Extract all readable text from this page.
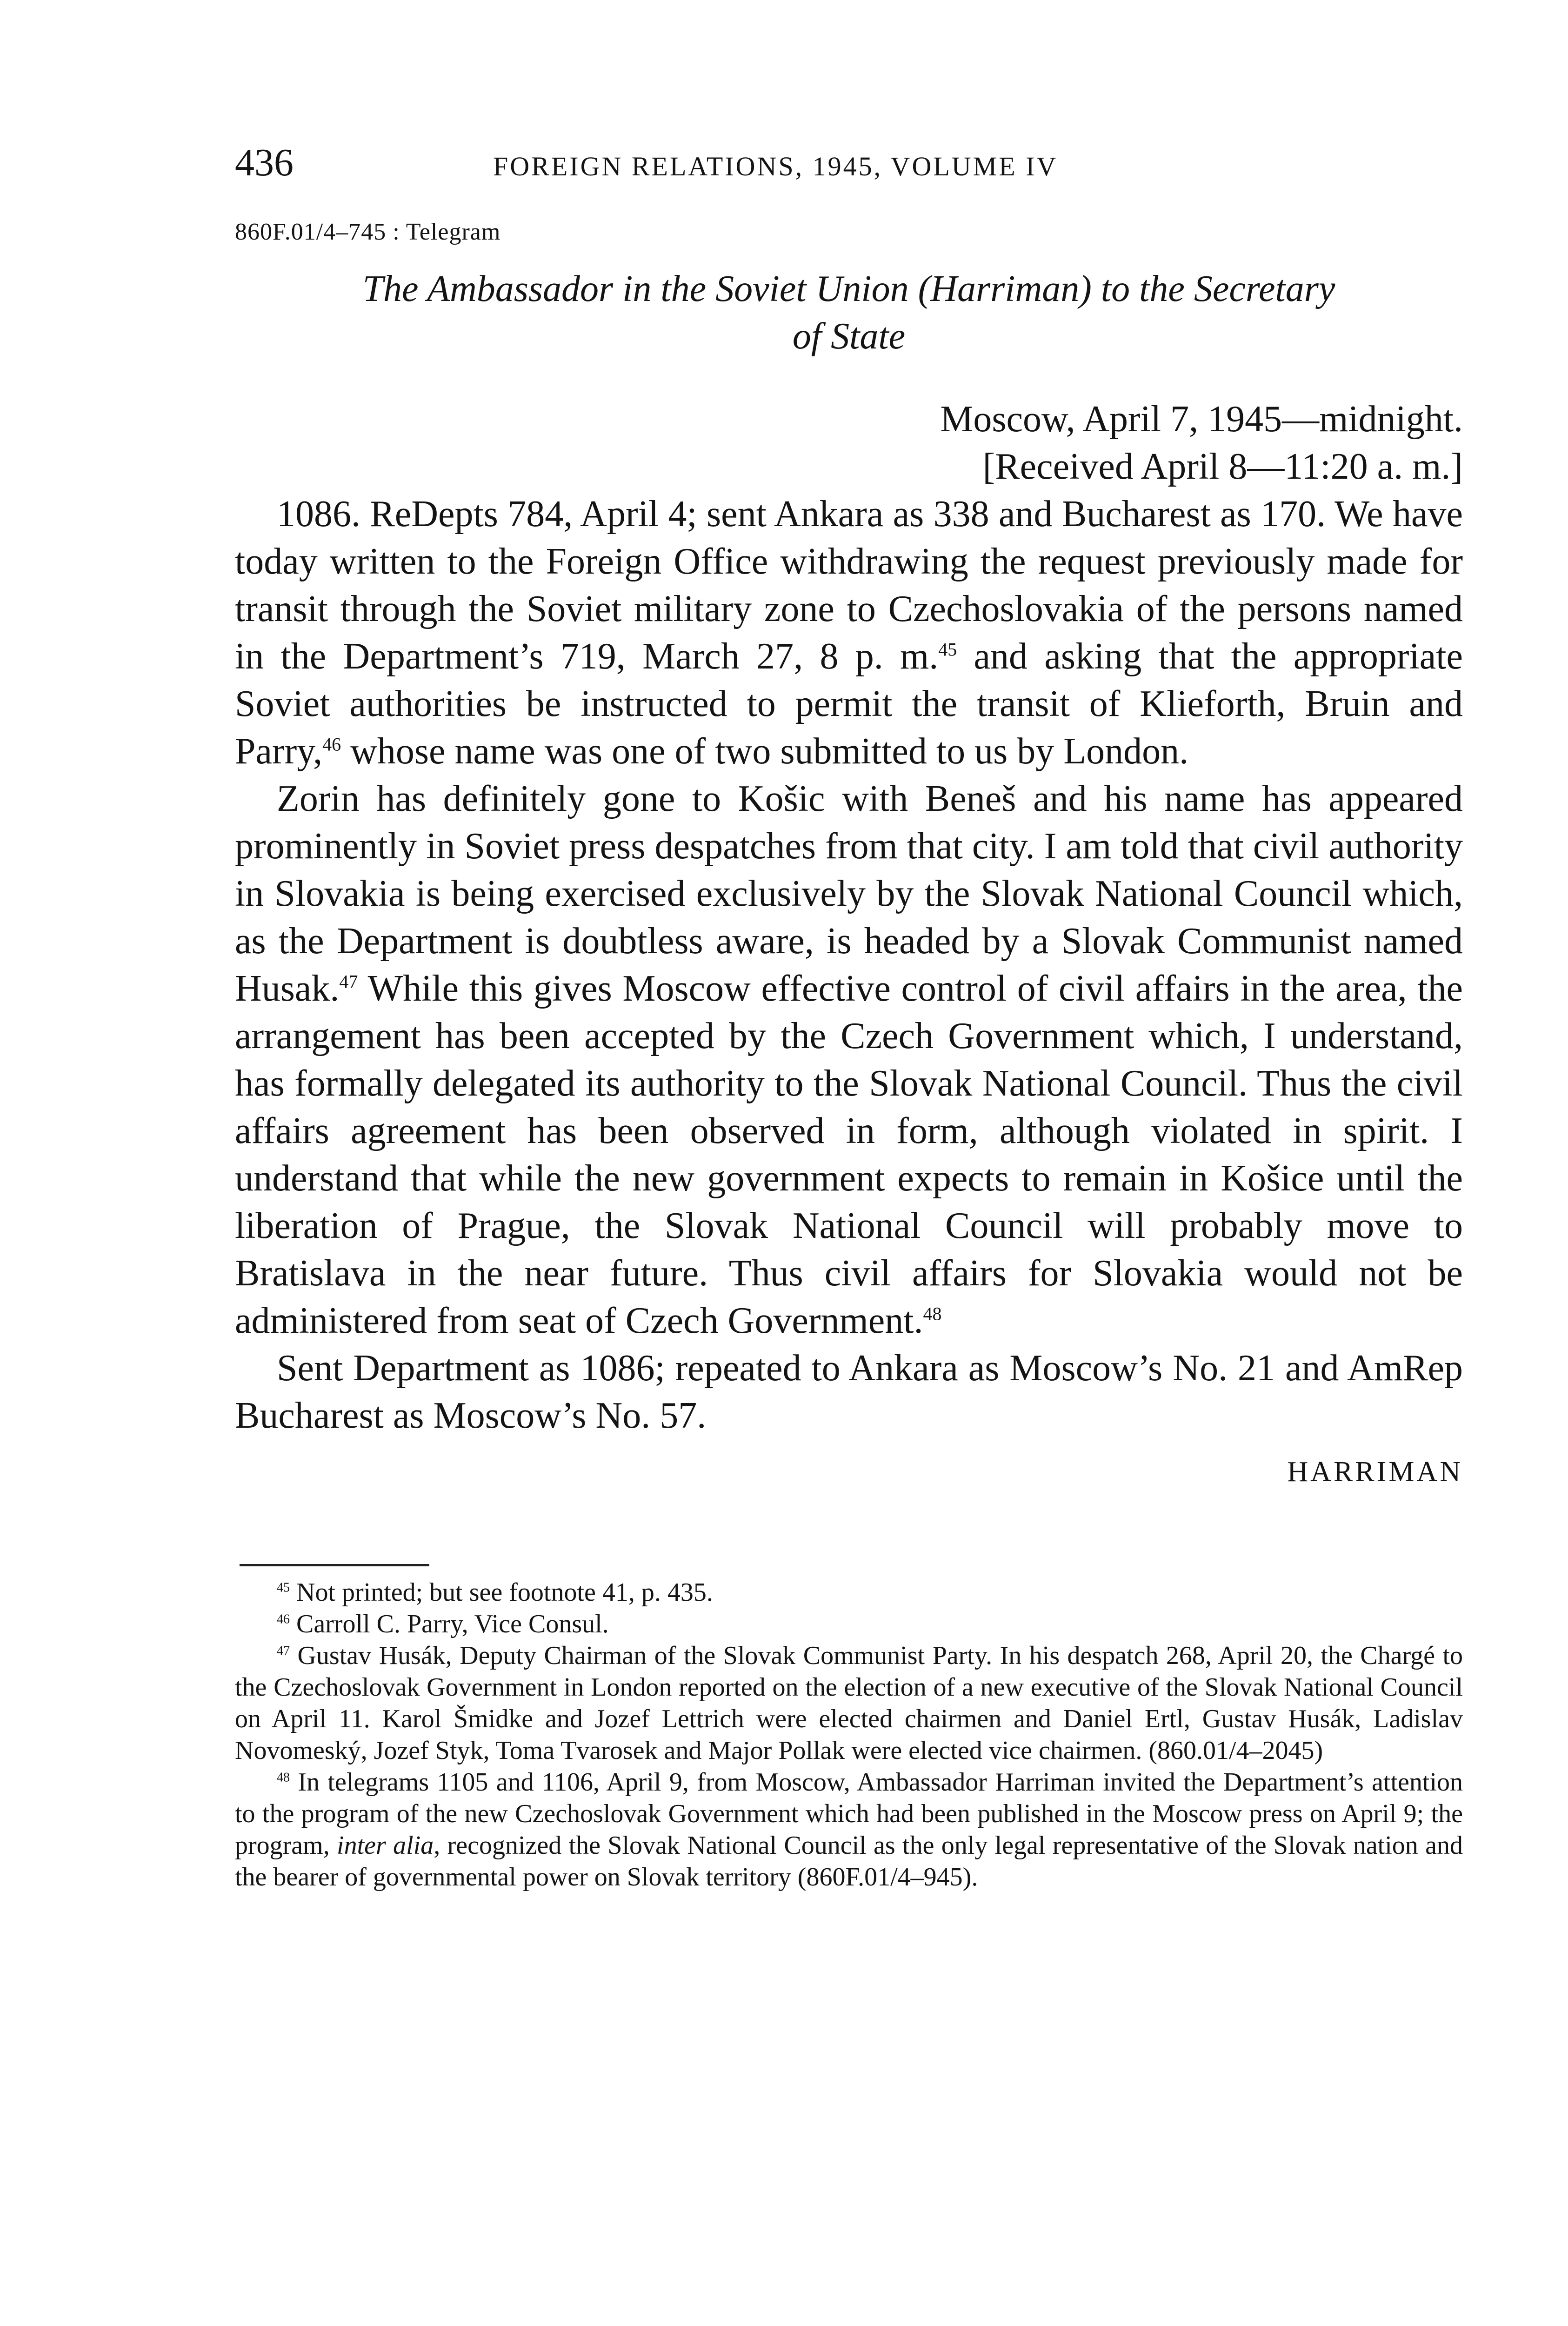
436	FOREIGN RELATIONS, 1945, VOLUME IV
860F.01/4–745 : Telegram
The Ambassador in the Soviet Union (Harriman) to the Secretary
of State
Moscow, April 7, 1945—midnight.
[Received April 8—11:20 a. m.]

1086. ReDepts 784, April 4; sent Ankara as 338 and Bucharest as 170. We have today written to the Foreign Office withdrawing the request previously made for transit through the Soviet military zone to Czechoslovakia of the persons named in the Department’s 719, March 27, 8 p. m.$^{45}$ and asking that the appropriate Soviet authorities be instructed to permit the transit of Klieforth, Bruin and Parry,$^{46}$ whose name was one of two submitted to us by London.

Zorin has definitely gone to Košic with Beneš and his name has appeared prominently in Soviet press despatches from that city. I am told that civil authority in Slovakia is being exercised exclusively by the Slovak National Council which, as the Department is doubtless aware, is headed by a Slovak Communist named Husak.$^{47}$ While this gives Moscow effective control of civil affairs in the area, the arrangement has been accepted by the Czech Government which, I understand, has formally delegated its authority to the Slovak National Council. Thus the civil affairs agreement has been observed in form, although violated in spirit. I understand that while the new government expects to remain in Košice until the liberation of Prague, the Slovak National Council will probably move to Bratislava in the near future. Thus civil affairs for Slovakia would not be administered from seat of Czech Government.$^{48}$

Sent Department as 1086; repeated to Ankara as Moscow’s No. 21 and AmRep Bucharest as Moscow’s No. 57.

HARRIMAN

$^{45}$ Not printed; but see footnote 41, p. 435.

$^{46}$ Carroll C. Parry, Vice Consul.

$^{47}$ Gustav Husák, Deputy Chairman of the Slovak Communist Party. In his despatch 268, April 20, the Chargé to the Czechoslovak Government in London reported on the election of a new executive of the Slovak National Council on April 11. Karol Šmidke and Jozef Lettrich were elected chairmen and Daniel Ertl, Gustav Husák, Ladislav Novomeský, Jozef Styk, Toma Tvarosek and Major Pollak were elected vice chairmen. (860.01/4–2045)

$^{48}$ In telegrams 1105 and 1106, April 9, from Moscow, Ambassador Harriman invited the Department’s attention to the program of the new Czechoslovak Government which had been published in the Moscow press on April 9; the program, inter alia, recognized the Slovak National Council as the only legal representative of the Slovak nation and the bearer of governmental power on Slovak territory (860F.01/4–945).
